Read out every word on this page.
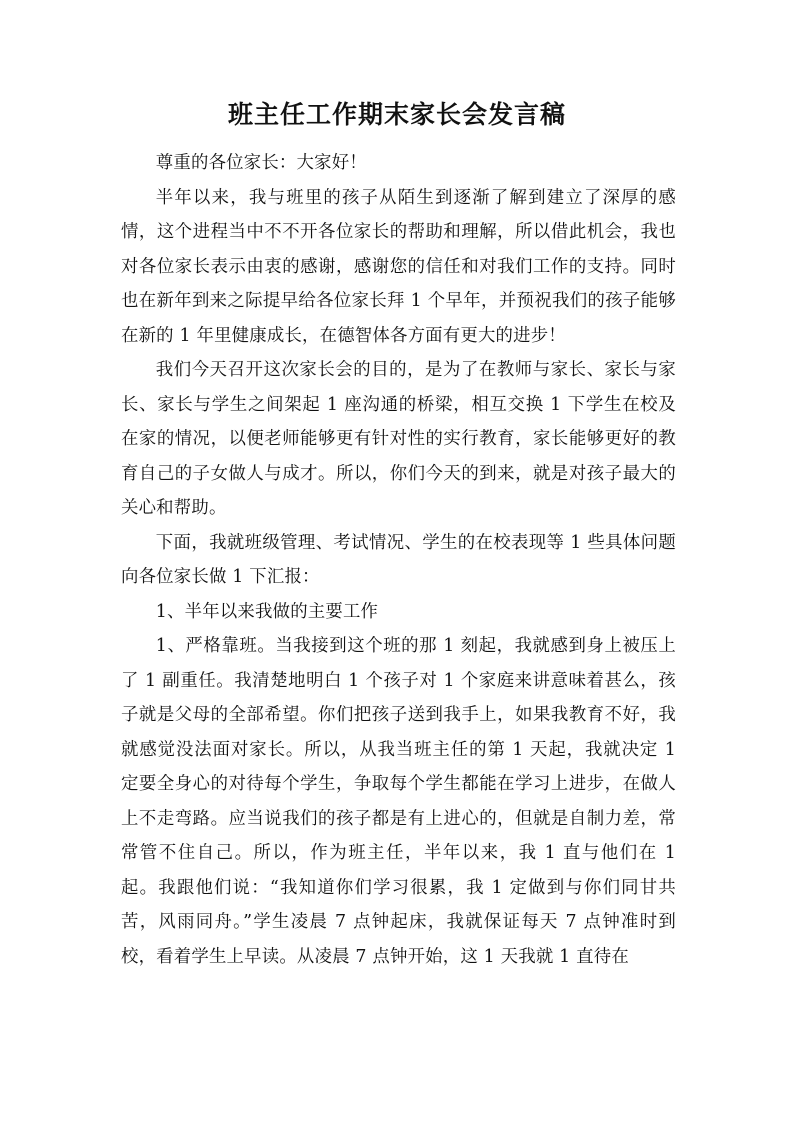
班主任工作期末家长会发言稿

尊重的各位家长：大家好！

半年以来，我与班里的孩子从陌生到逐渐了解到建立了深厚的感情，这个进程当中不不开各位家长的帮助和理解，所以借此机会，我也对各位家长表示由衷的感谢，感谢您的信任和对我们工作的支持。同时也在新年到来之际提早给各位家长拜 1 个早年，并预祝我们的孩子能够在新的 1 年里健康成长，在德智体各方面有更大的进步！

我们今天召开这次家长会的目的，是为了在教师与家长、家长与家长、家长与学生之间架起 1 座沟通的桥梁，相互交换 1 下学生在校及在家的情况，以便老师能够更有针对性的实行教育，家长能够更好的教育自己的子女做人与成才。所以，你们今天的到来，就是对孩子最大的关心和帮助。

下面，我就班级管理、考试情况、学生的在校表现等 1 些具体问题向各位家长做 1 下汇报：

1、半年以来我做的主要工作

1、严格靠班。当我接到这个班的那 1 刻起，我就感到身上被压上了 1 副重任。我清楚地明白 1 个孩子对 1 个家庭来讲意味着甚么，孩子就是父母的全部希望。你们把孩子送到我手上，如果我教育不好，我就感觉没法面对家长。所以，从我当班主任的第 1 天起，我就决定 1 定要全身心的对待每个学生，争取每个学生都能在学习上进步，在做人上不走弯路。应当说我们的孩子都是有上进心的，但就是自制力差，常常管不住自己。所以，作为班主任，半年以来，我 1 直与他们在 1 起。我跟他们说：“我知道你们学习很累，我 1 定做到与你们同甘共苦，风雨同舟。”学生凌晨 7 点钟起床，我就保证每天 7 点钟准时到校，看着学生上早读。从凌晨 7 点钟开始，这 1 天我就 1 直待在
